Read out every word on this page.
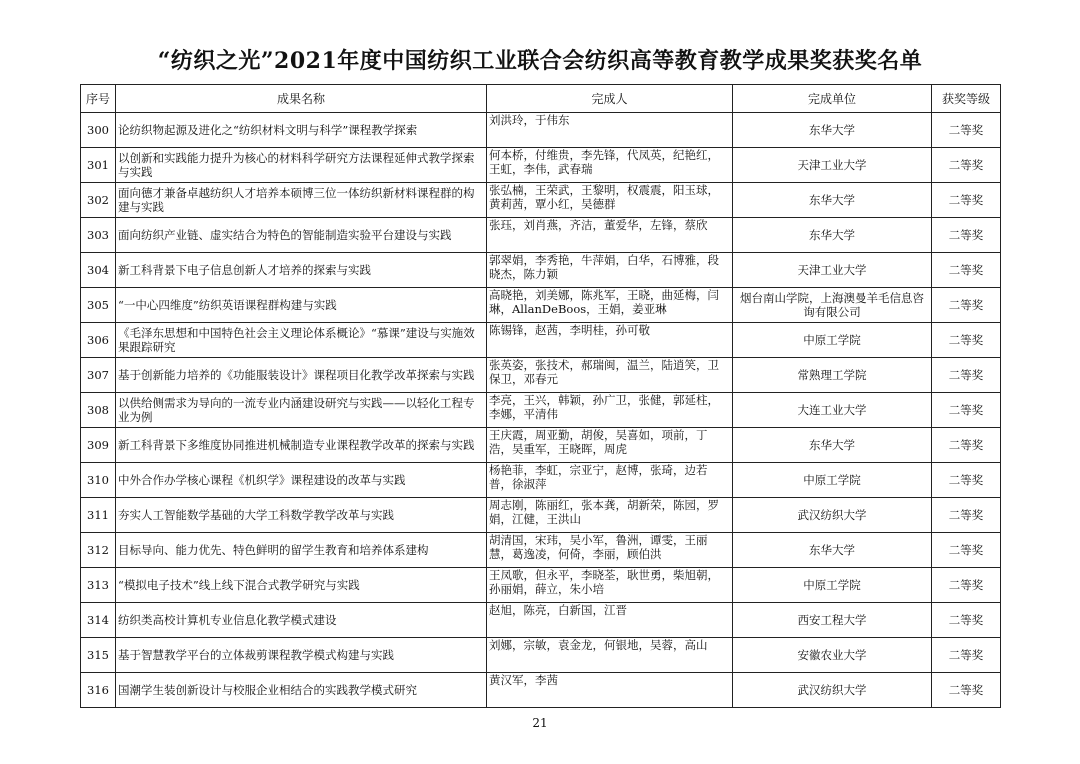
“纺织之光”2021年度中国纺织工业联合会纺织高等教育教学成果奖获奖名单
序号	成果名称	完成人	完成单位	获奖等级
300	论纺织物起源及进化之“纺织材料文明与科学”课程教学探索	刘洪玲，于伟东	东华大学	二等奖
301	以创新和实践能力提升为核心的材料科学研究方法课程延伸式教学探索与实践	何本桥，付维贵，李先锋，代凤英，纪艳红，王虹，李伟，武春瑞	天津工业大学	二等奖
302	面向德才兼备卓越纺织人才培养本硕博三位一体纺织新材料课程群的构建与实践	张弘楠，王荣武，王黎明，权震震，阳玉球，黄莉茜，覃小红，吴德群	东华大学	二等奖
303	面向纺织产业链、虚实结合为特色的智能制造实验平台建设与实践	张珏，刘肖燕，齐洁，董爱华，左锋，蔡欣	东华大学	二等奖
304	新工科背景下电子信息创新人才培养的探索与实践	郭翠娟，李秀艳，牛萍娟，白华，石博雅，段晓杰，陈力颖	天津工业大学	二等奖
305	“一中心四维度”纺织英语课程群构建与实践	高晓艳，刘美娜，陈兆军，王晓，曲延梅，闫琳，AllanDeBoos，王娟，姜亚琳	烟台南山学院，上海澳曼羊毛信息咨询有限公司	二等奖
306	《毛泽东思想和中国特色社会主义理论体系概论》“慕课”建设与实施效果跟踪研究	陈锡锋，赵茜，李明桂，孙可敬	中原工学院	二等奖
307	基于创新能力培养的《功能服装设计》课程项目化教学改革探索与实践	张英姿，张技术，郝瑞闽，温兰，陆逍笑，卫保卫，邓春元	常熟理工学院	二等奖
308	以供给侧需求为导向的一流专业内涵建设研究与实践——以轻化工程专业为例	李亮，王兴，韩颖，孙广卫，张健，郭延柱，李娜，平清伟	大连工业大学	二等奖
309	新工科背景下多维度协同推进机械制造专业课程教学改革的探索与实践	王庆霞，周亚勤，胡俊，吴喜如，项前，丁浩，吴重军，王晓晖，周虎	东华大学	二等奖
310	中外合作办学核心课程《机织学》课程建设的改革与实践	杨艳菲，李虹，宗亚宁，赵博，张琦，边若普，徐淑萍	中原工学院	二等奖
311	夯实人工智能数学基础的大学工科数学教学改革与实践	周志刚，陈丽红，张本龚，胡新荣，陈园，罗娟，江健，王洪山	武汉纺织大学	二等奖
312	目标导向、能力优先、特色鲜明的留学生教育和培养体系建构	胡清国，宋玮，吴小军，鲁洲，谭雯，王丽慧，葛逸凌，何倚，李丽，顾伯洪	东华大学	二等奖
313	“模拟电子技术”线上线下混合式教学研究与实践	王凤歌，但永平，李晓荃，耿世勇，柴旭朝，孙丽娟，薛立，朱小培	中原工学院	二等奖
314	纺织类高校计算机专业信息化教学模式建设	赵旭，陈亮，白新国，江晋	西安工程大学	二等奖
315	基于智慧教学平台的立体裁剪课程教学模式构建与实践	刘娜，宗敏，袁金龙，何银地，吴蓉，高山	安徽农业大学	二等奖
316	国潮学生装创新设计与校服企业相结合的实践教学模式研究	黄汉军，李茜	武汉纺织大学	二等奖
21
